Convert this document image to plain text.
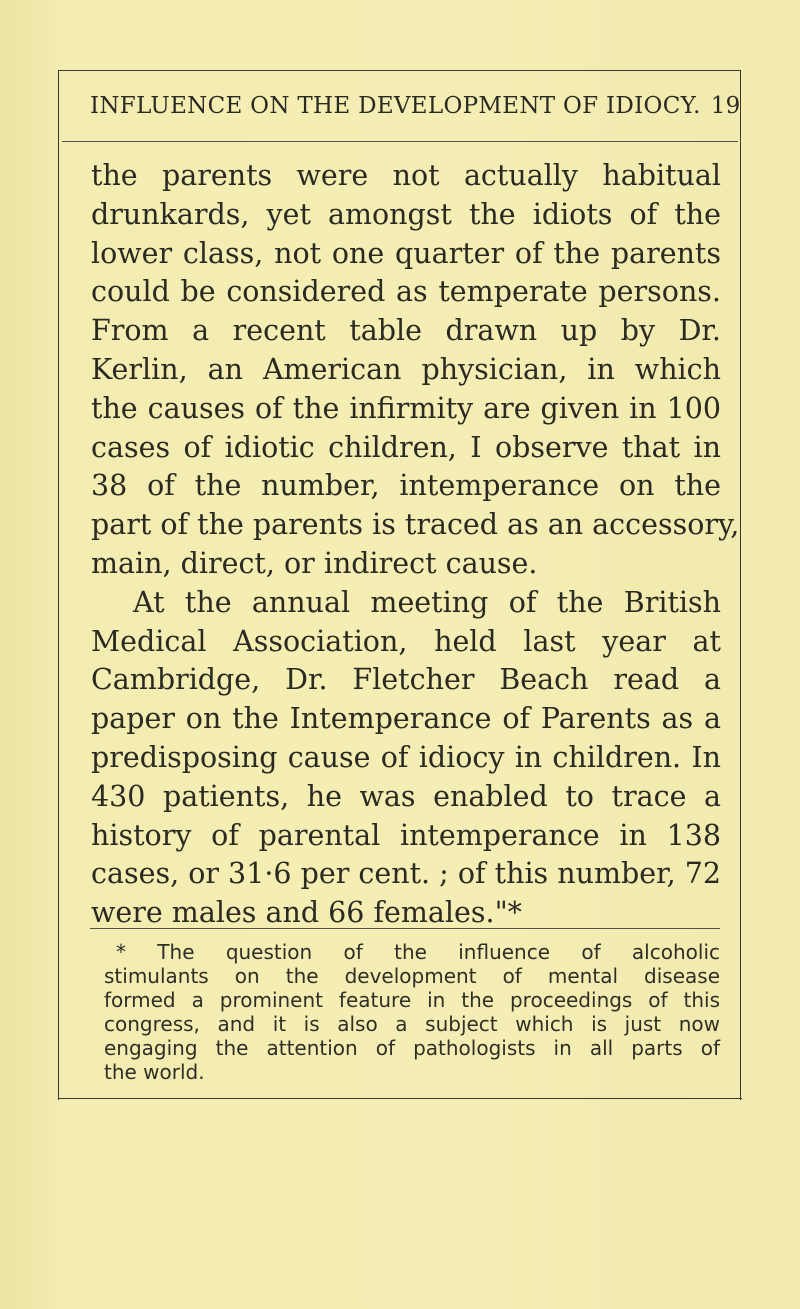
INFLUENCE ON THE DEVELOPMENT OF IDIOCY. 19
the parents were not actually habitual
drunkards, yet amongst the idiots of the
lower class, not one quarter of the parents
could be considered as temperate persons.
From a recent table drawn up by Dr.
Kerlin, an American physician, in which
the causes of the infirmity are given in 100
cases of idiotic children, I observe that in
38 of the number, intemperance on the
part of the parents is traced as an accessory,
main, direct, or indirect cause.
At the annual meeting of the British
Medical Association, held last year at
Cambridge, Dr. Fletcher Beach read a
paper on the Intemperance of Parents as a
predisposing cause of idiocy in children. In
430 patients, he was enabled to trace a
history of parental intemperance in 138
cases, or 31·6 per cent. ; of this number, 72
were males and 66 females."*
* The question of the influence of alcoholic
stimulants on the development of mental disease
formed a prominent feature in the proceedings of this
congress, and it is also a subject which is just now
engaging the attention of pathologists in all parts of
the world.
